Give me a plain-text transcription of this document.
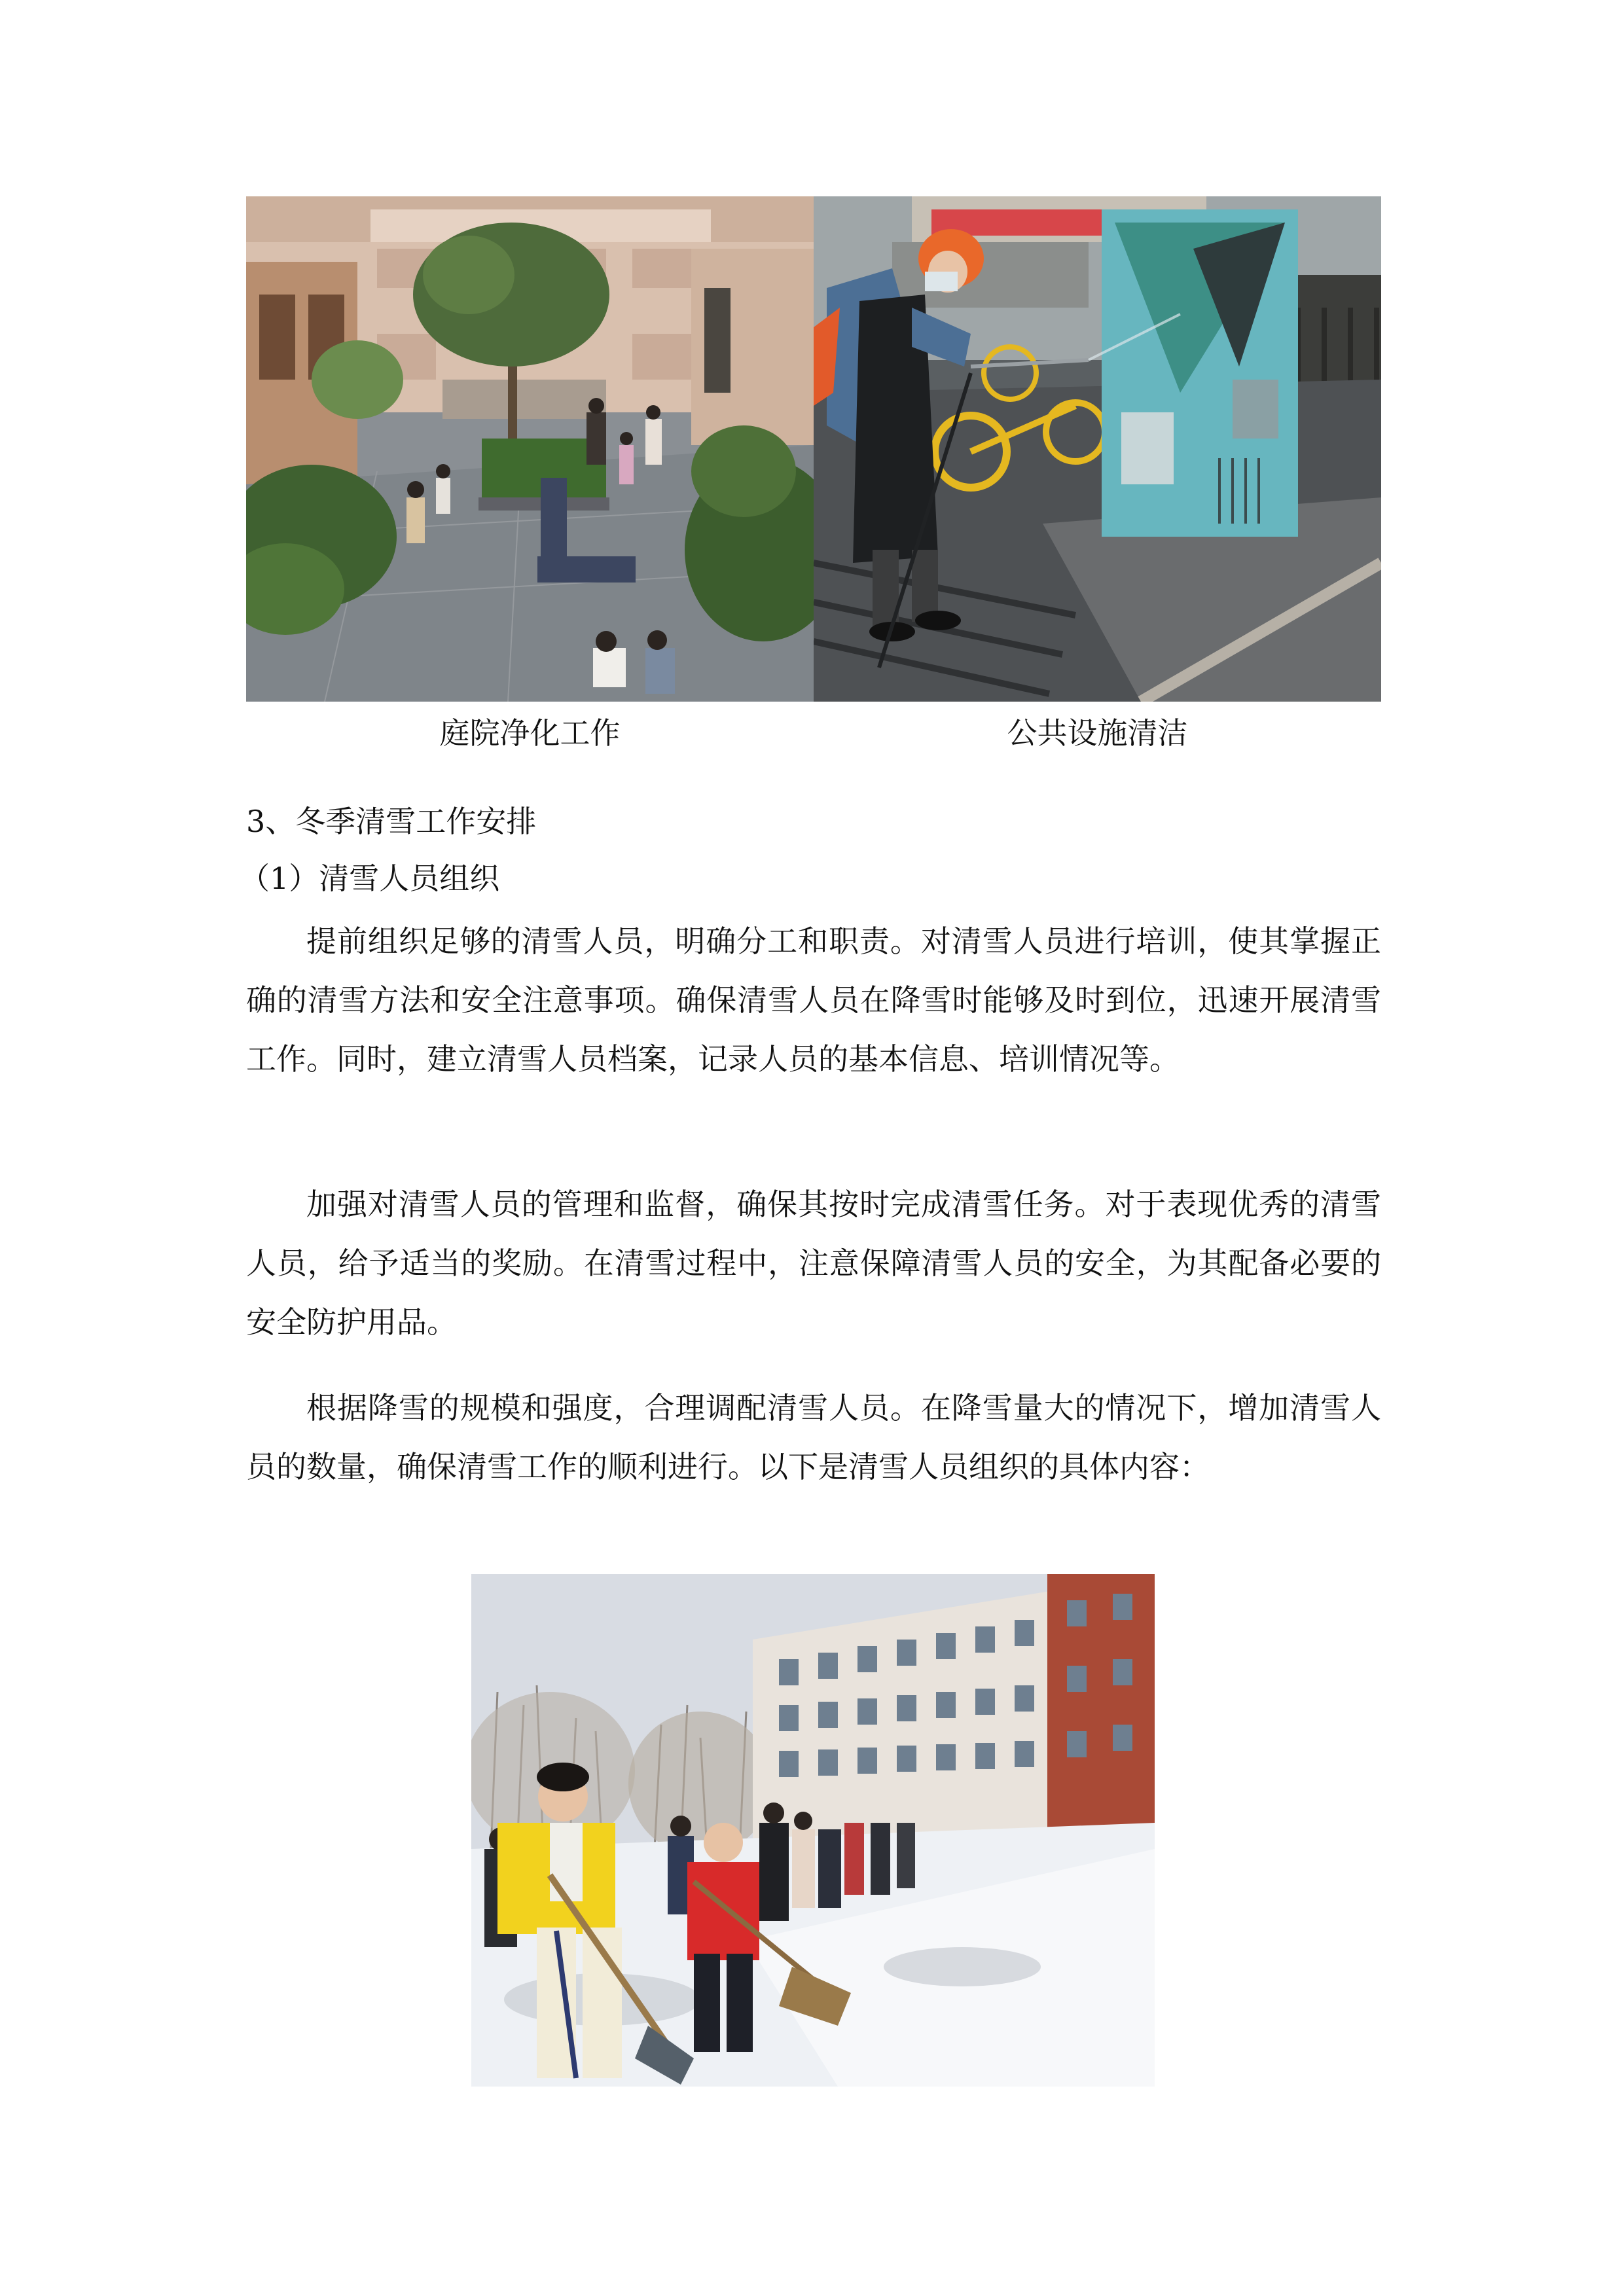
庭院净化工作	公共设施清洁
3、冬季清雪工作安排
（1）清雪人员组织

提前组织足够的清雪人员，明确分工和职责。对清雪人员进行培训，使其掌握正确的清雪方法和安全注意事项。确保清雪人员在降雪时能够及时到位，迅速开展清雪工作。同时，建立清雪人员档案，记录人员的基本信息、培训情况等。

加强对清雪人员的管理和监督，确保其按时完成清雪任务。对于表现优秀的清雪人员，给予适当的奖励。在清雪过程中，注意保障清雪人员的安全，为其配备必要的安全防护用品。

根据降雪的规模和强度，合理调配清雪人员。在降雪量大的情况下，增加清雪人员的数量，确保清雪工作的顺利进行。以下是清雪人员组织的具体内容：
